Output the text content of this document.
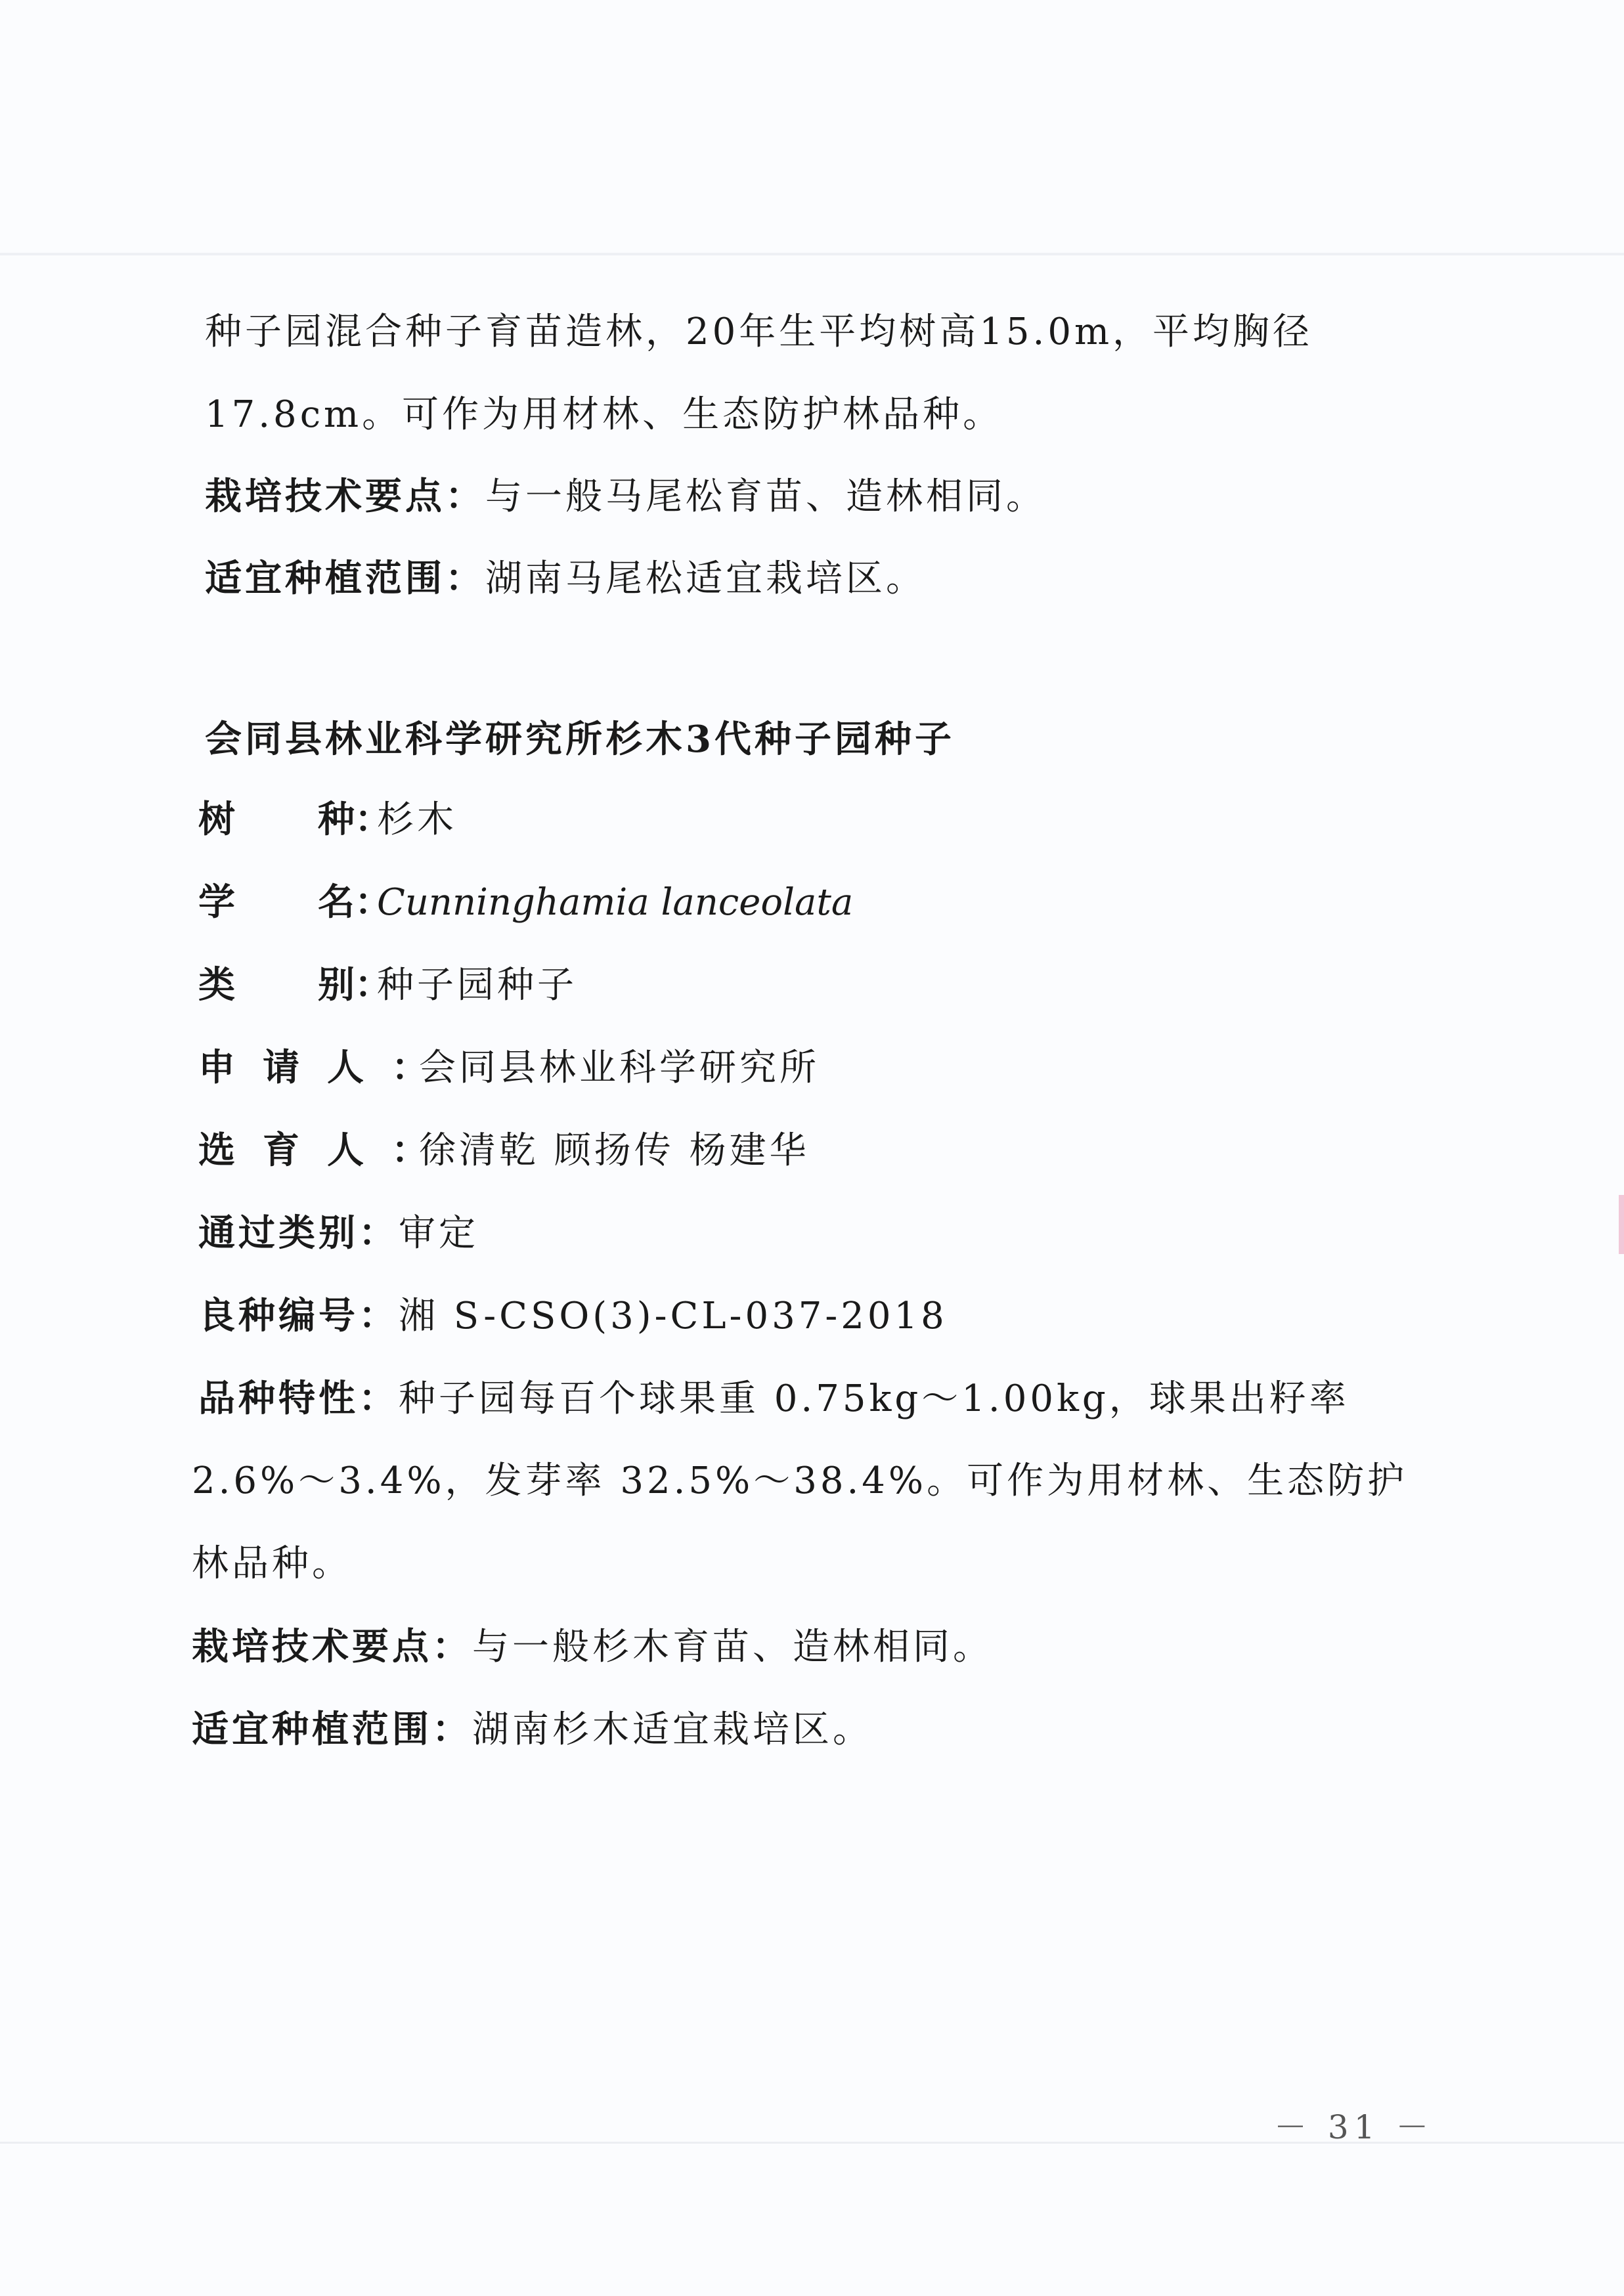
种子园混合种子育苗造林，20年生平均树高15.0m，平均胸径
17.8cm。可作为用材林、生态防护林品种。
栽培技术要点：与一般马尾松育苗、造林相同。
适宜种植范围：湖南马尾松适宜栽培区。
会同县林业科学研究所杉木3代种子园种子
树 种：杉木
学 名：Cunninghamia lanceolata
类 别：种子园种子
申请人：会同县林业科学研究所
选育人：徐清乾 顾扬传 杨建华
通过类别：审定
良种编号：湘 S-CSO(3)-CL-037-2018
品种特性：种子园每百个球果重 0.75kg～1.00kg，球果出籽率
2.6%～3.4%，发芽率 32.5%～38.4%。可作为用材林、生态防护
林品种。
栽培技术要点：与一般杉木育苗、造林相同。
适宜种植范围：湖南杉木适宜栽培区。
－ 31 －
